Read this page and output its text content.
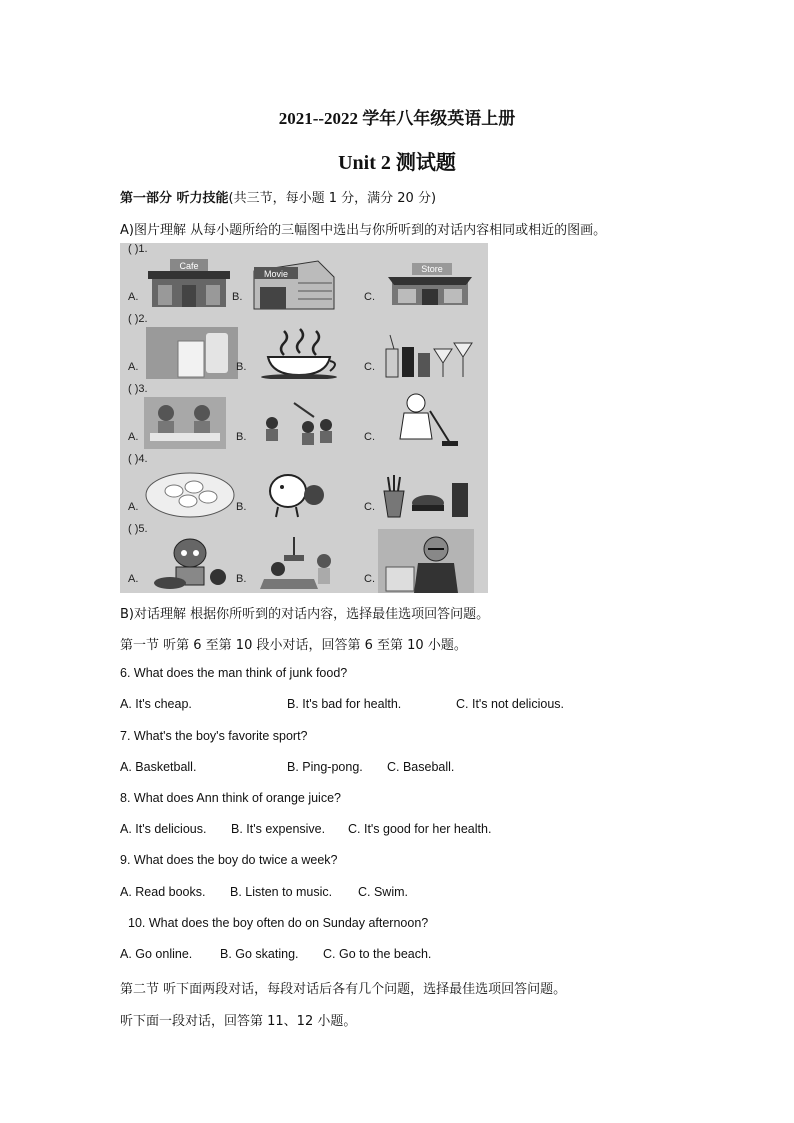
2021--2022 学年八年级英语上册
Unit 2 测试题
第一部分 听力技能(共三节，每小题 1 分，满分 20 分)
A)图片理解 从每小题所给的三幅图中选出与你所听到的对话内容相同或相近的图画。
( )1.
A.
Cafe
B.
Movie
C.
Store
( )2.
A.	B.	C.
( )3.
A.	B.	C.
( )4.
A.	B.	C.
( )5.
A.	B.	C.
B)对话理解 根据你所听到的对话内容，选择最佳选项回答问题。
第一节 听第 6 至第 10 段小对话，回答第 6 至第 10 小题。
6. What does the man think of junk food?
A. It's cheap.	B. It's bad for health.	C. It's not delicious.
7. What's the boy's favorite sport?
A. Basketball.	B. Ping-pong. C. Baseball.
8. What does Ann think of orange juice?
A. It's delicious. B. It's expensive. C. It's good for her health.
9. What does the boy do twice a week?
A. Read books. B. Listen to music. C. Swim.
10. What does the boy often do on Sunday afternoon?
A. Go online. B. Go skating. C. Go to the beach.
第二节 听下面两段对话，每段对话后各有几个问题，选择最佳选项回答问题。
听下面一段对话，回答第 11、12 小题。
